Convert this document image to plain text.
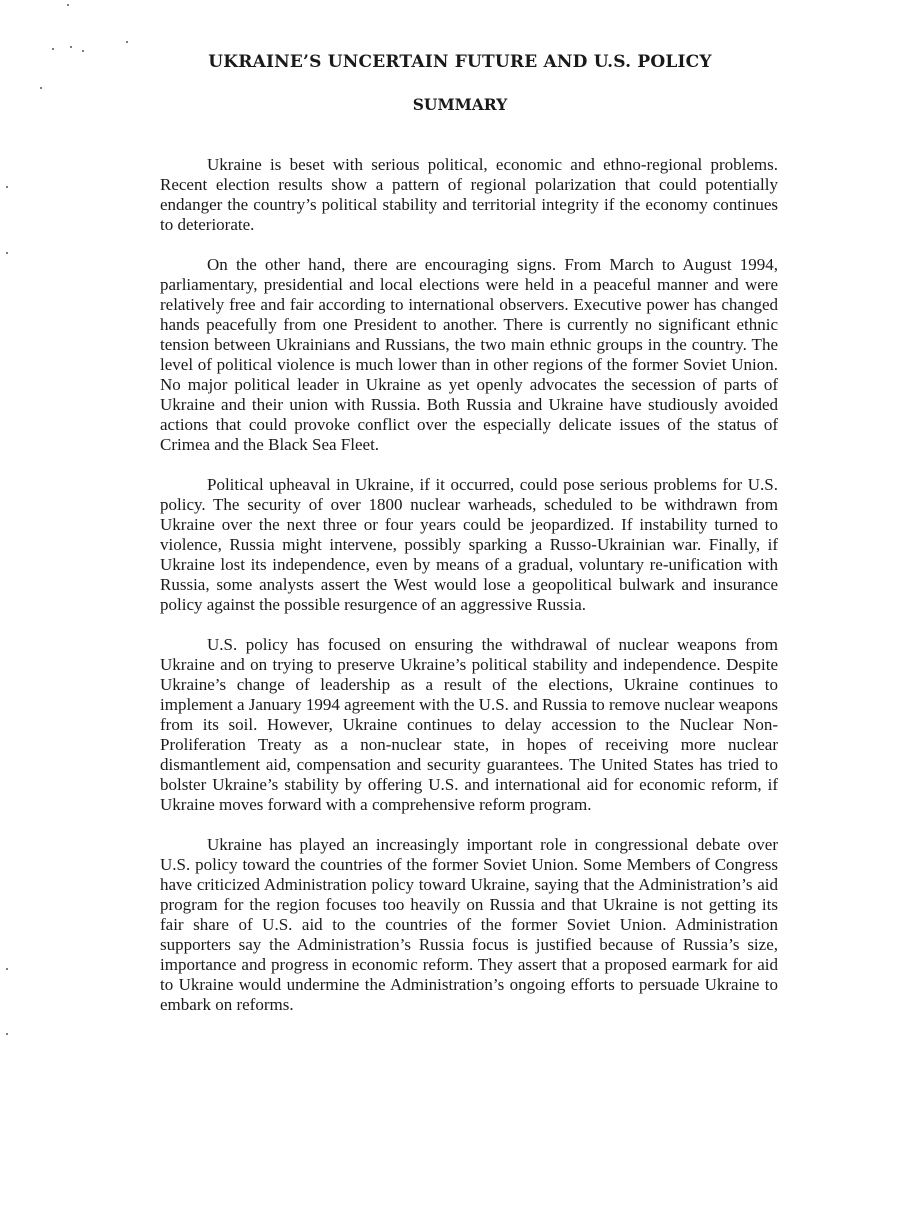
UKRAINE’S UNCERTAIN FUTURE AND U.S. POLICY
SUMMARY

Ukraine is beset with serious political, economic and ethno-regional problems. Recent election results show a pattern of regional polarization that could potentially endanger the country’s political stability and territorial integrity if the economy continues to deteriorate.

On the other hand, there are encouraging signs. From March to August 1994, parliamentary, presidential and local elections were held in a peaceful manner and were relatively free and fair according to international observers. Executive power has changed hands peacefully from one President to another. There is currently no significant ethnic tension between Ukrainians and Russians, the two main ethnic groups in the country. The level of political violence is much lower than in other regions of the former Soviet Union. No major political leader in Ukraine as yet openly advocates the secession of parts of Ukraine and their union with Russia. Both Russia and Ukraine have studiously avoided actions that could provoke conflict over the especially delicate issues of the status of Crimea and the Black Sea Fleet.

Political upheaval in Ukraine, if it occurred, could pose serious problems for U.S. policy. The security of over 1800 nuclear warheads, scheduled to be withdrawn from Ukraine over the next three or four years could be jeopardized. If instability turned to violence, Russia might intervene, possibly sparking a Russo-Ukrainian war. Finally, if Ukraine lost its independence, even by means of a gradual, voluntary re-unification with Russia, some analysts assert the West would lose a geopolitical bulwark and insurance policy against the possible resurgence of an aggressive Russia.

U.S. policy has focused on ensuring the withdrawal of nuclear weapons from Ukraine and on trying to preserve Ukraine’s political stability and independence. Despite Ukraine’s change of leadership as a result of the elections, Ukraine continues to implement a January 1994 agreement with the U.S. and Russia to remove nuclear weapons from its soil. However, Ukraine continues to delay accession to the Nuclear Non-Proliferation Treaty as a non-nuclear state, in hopes of receiving more nuclear dismantlement aid, compensation and security guarantees. The United States has tried to bolster Ukraine’s stability by offering U.S. and international aid for economic reform, if Ukraine moves forward with a comprehensive reform program.

Ukraine has played an increasingly important role in congressional debate over U.S. policy toward the countries of the former Soviet Union. Some Members of Congress have criticized Administration policy toward Ukraine, saying that the Administration’s aid program for the region focuses too heavily on Russia and that Ukraine is not getting its fair share of U.S. aid to the countries of the former Soviet Union. Administration supporters say the Administration’s Russia focus is justified because of Russia’s size, importance and progress in economic reform. They assert that a proposed earmark for aid to Ukraine would undermine the Administration’s ongoing efforts to persuade Ukraine to embark on reforms.
